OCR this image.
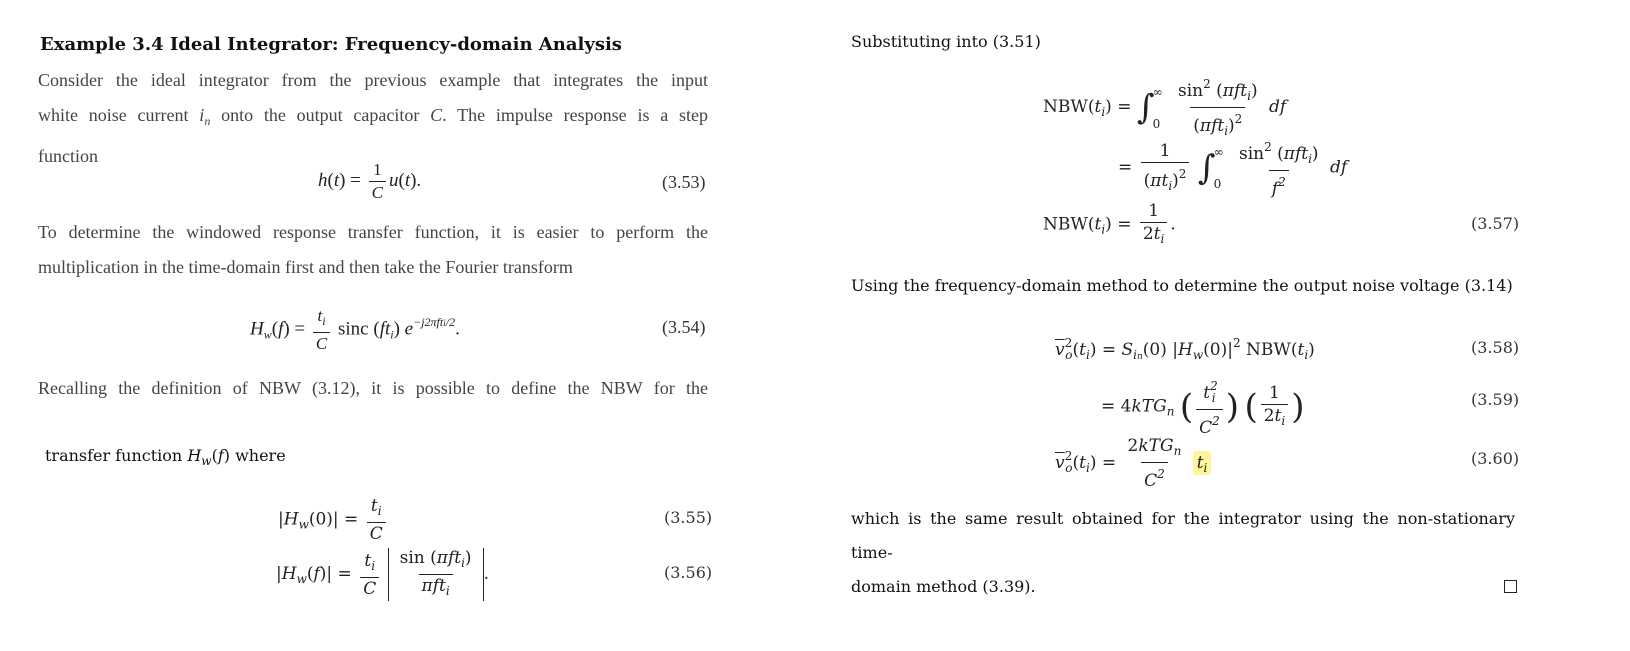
Example 3.4 Ideal Integrator: Frequency-domain Analysis
Consider the ideal integrator from the previous example that integrates the input
white noise current $i_n$ onto the output capacitor C. The impulse response is a step
function
$h(t) = \frac{1}{C} u(t)$.	(3.53)
To determine the windowed response transfer function, it is easier to perform the
multiplication in the time-domain first and then take the Fourier transform
$H_w(f) = \frac{t_i}{C}$ sinc $(ft_i)$ $e^{-j2\pi fti/2}$.	(3.54)
Recalling the definition of NBW (3.12), it is possible to define the NBW for the
transfer function $H_w(f)$ where
$|H_w(0)| = \frac{t_i}{C}$	(3.55)
$|H_w(f)| = \frac{t_i}{C}$
$\frac{\sin (\pi ft_i)}{\pi ft_i}$ .	(3.56)
Substituting into (3.51)
$NBW(t_i)$ = ∫
∞
0
$\frac{\sin^2 (\pi ft_i)}{(\pi ft_i)^2}$ df
= $\frac{1}{(\pi t_i)^2}$ ∫
∞
0
$\frac{\sin^2 (\pi ft_i)}{f^2}$ df
$NBW(t_i) = \frac{1}{2t_i}$ .	(3.57)
Using the frequency-domain method to determine the output noise voltage (3.14)
$\overline{v}^2_o(t_i) = S_{in}(0)$ $|H_w(0)|^2$ $NBW(t_i)$	(3.58)
= 4kTG$_n$ ( $\frac{t^2_i}{C^2}$ ) ( $\frac{1}{2t_i}$ )	(3.59)
$\overline{v}^2_o(t_i) = \frac{2kTG_n}{C^2} t_i$	(3.60)
which is the same result obtained for the integrator using the non-stationary time-
domain method (3.39).
